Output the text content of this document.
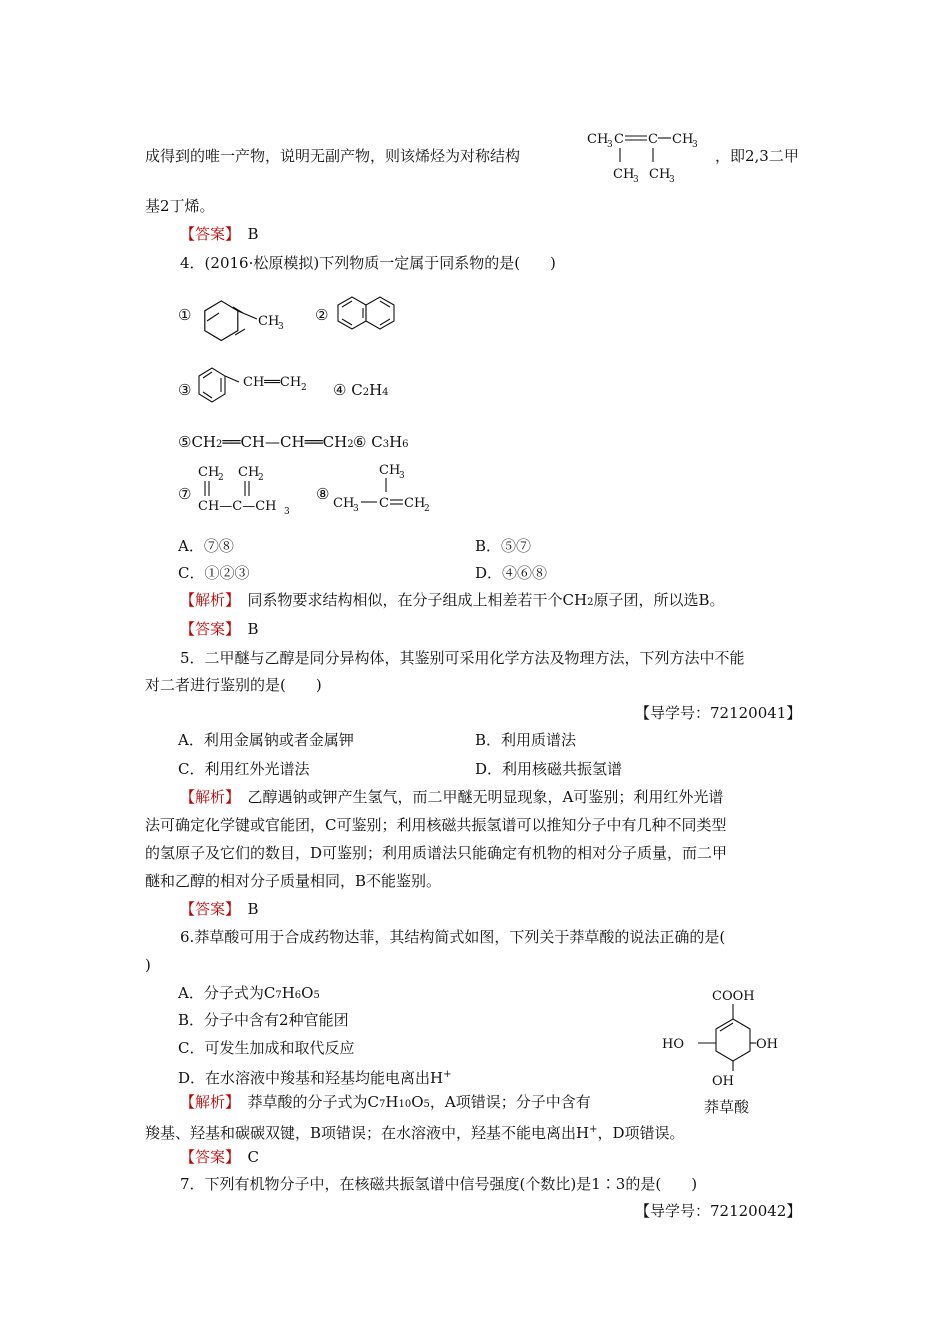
成得到的唯一产物，说明无副产物，则该烯烃为对称结构
CH
3 C C CH
3
CH
3 CH
3
，即2,3二甲
基2丁烯。
【答案】　 B
4．(2016·松原模拟)下列物质一定属于同系物的是(　　)
①	CH
3
②
③	CH══CH 2 ④ C2H4
⑤CH2══CH—CH══CH2 ⑥ C3H6
⑦
CH
2 CH
2
CH—C—CH 3
⑧
CH
3
CH
3 C CH
2
A．⑦⑧	B．⑤⑦
C．①②③	D．④⑥⑧
【解析】　 同系物要求结构相似，在分子组成上相差若干个CH2原子团，所以选B。
【答案】　 B
5．二甲醚与乙醇是同分异构体，其鉴别可采用化学方法及物理方法，下列方法中不能
对二者进行鉴别的是(　　)
【导学号：72120041】
A．利用金属钠或者金属钾	B．利用质谱法
C．利用红外光谱法	D．利用核磁共振氢谱
【解析】　 乙醇遇钠或钾产生氢气，而二甲醚无明显现象，A可鉴别；利用红外光谱
法可确定化学键或官能团，C可鉴别；利用核磁共振氢谱可以推知分子中有几种不同类型
的氢原子及它们的数目，D可鉴别；利用质谱法只能确定有机物的相对分子质量，而二甲
醚和乙醇的相对分子质量相同，B不能鉴别。
【答案】　 B
6.莽草酸可用于合成药物达菲，其结构简式如图，下列关于莽草酸的说法正确的是(
)
A．分子式为C7H6O5
B．分子中含有2种官能团
C．可发生加成和取代反应
D．在水溶液中羧基和羟基均能电离出H+
COOH
HO	OH
OH
莽草酸
【解析】　 莽草酸的分子式为C7H10O5，A项错误；分子中含有
羧基、羟基和碳碳双键，B项错误；在水溶液中，羟基不能电离出H+，D项错误。
【答案】　 C
7．下列有机物分子中，在核磁共振氢谱中信号强度(个数比)是1∶3的是(　　)
【导学号：72120042】
